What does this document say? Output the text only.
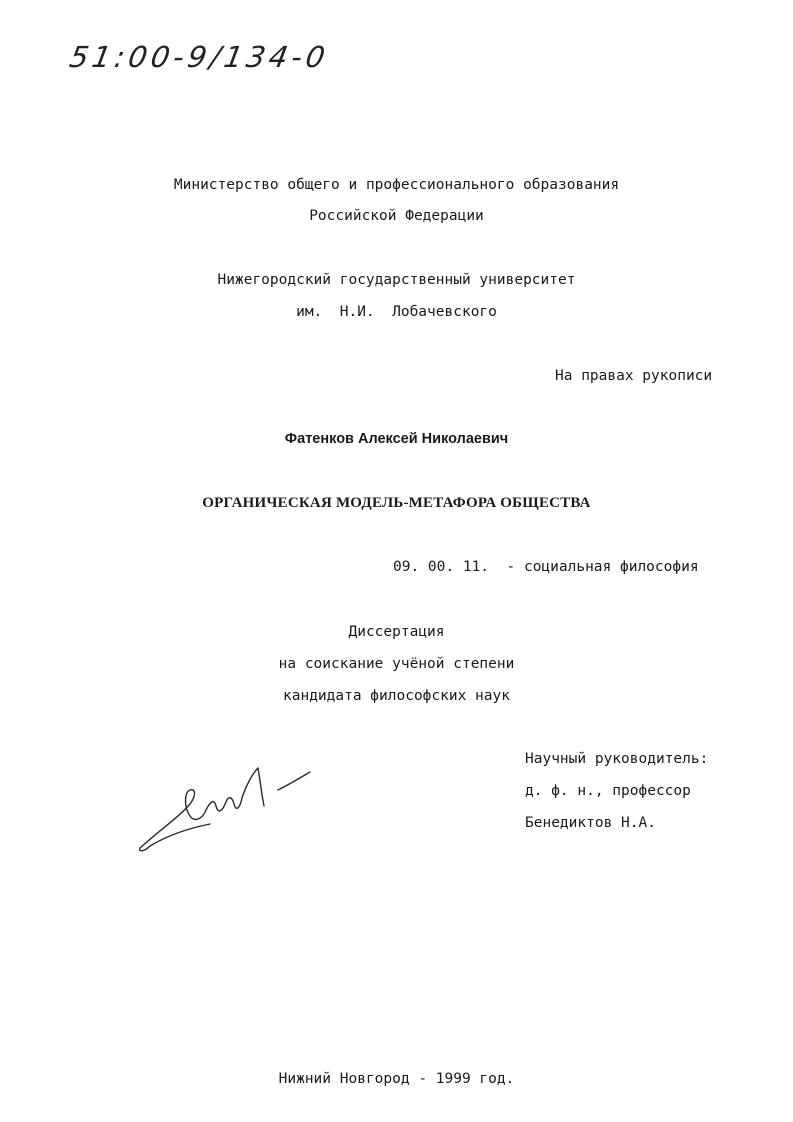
51:00-9/134-0
Министерство общего и профессионального образования
Российской Федерации
Нижегородский государственный университет
им.  Н.И.  Лобачевского
На правах рукописи
Фатенков Алексей Николаевич
ОРГАНИЧЕСКАЯ МОДЕЛЬ-МЕТАФОРА ОБЩЕСТВА
09. 00. 11. - социальная философия
Диссертация
на соискание учёной степени
кандидата философских наук
Научный руководитель:
д. ф. н., профессор
Бенедиктов Н.А.
Нижний Новгород - 1999 год.
